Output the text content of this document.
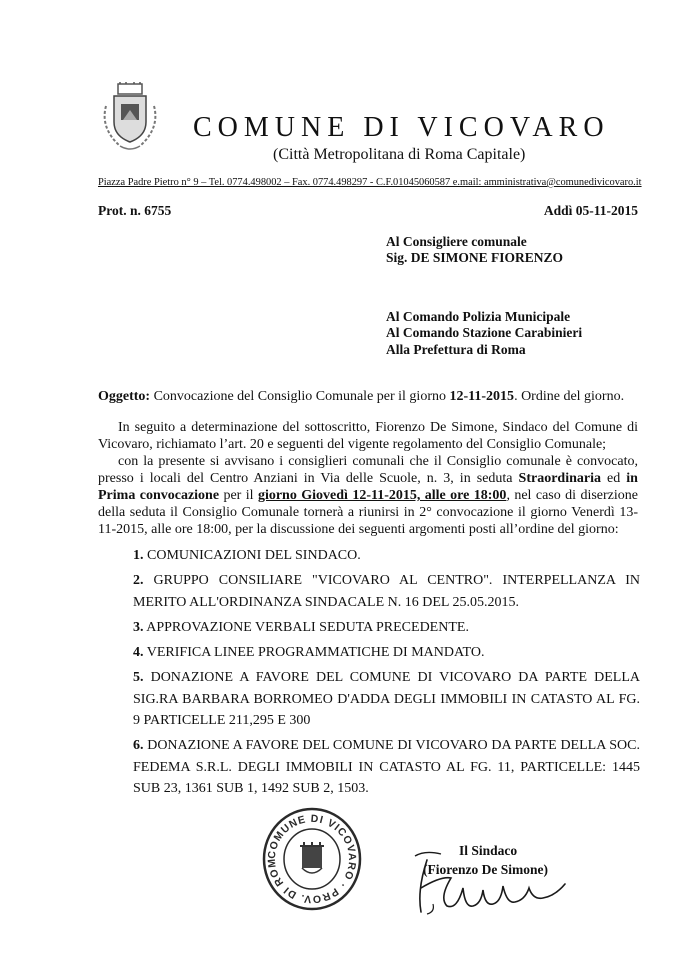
COMUNE DI VICOVARO
(Città Metropolitana di Roma Capitale)
Piazza Padre Pietro n° 9 – Tel. 0774.498002 – Fax. 0774.498297 - C.F.01045060587 e.mail: amministrativa@comunedivicovaro.it
Prot. n. 6755	Addì 05-11-2015
Al Consigliere comunale
Sig. DE SIMONE FIORENZO
Al Comando Polizia Municipale
Al Comando Stazione Carabinieri
Alla Prefettura di Roma
Oggetto: Convocazione del Consiglio Comunale per il giorno 12-11-2015. Ordine del giorno.

In seguito a determinazione del sottoscritto, Fiorenzo De Simone, Sindaco del Comune di Vicovaro, richiamato l’art. 20 e seguenti del vigente regolamento del Consiglio Comunale;

con la presente si avvisano i consiglieri comunali che il Consiglio comunale è convocato, presso i locali del Centro Anziani in Via delle Scuole, n. 3, in seduta Straordinaria ed in Prima convocazione per il giorno Giovedì 12-11-2015, alle ore 18:00, nel caso di diserzione della seduta il Consiglio Comunale tornerà a riunirsi in 2° convocazione il giorno Venerdì 13-11-2015, alle ore 18:00, per la discussione dei seguenti argomenti posti all’ordine del giorno:

1. COMUNICAZIONI DEL SINDACO.

2. GRUPPO CONSILIARE "VICOVARO AL CENTRO". INTERPELLANZA IN MERITO ALL'ORDINANZA SINDACALE N. 16 DEL 25.05.2015.

3. APPROVAZIONE VERBALI SEDUTA PRECEDENTE.

4. VERIFICA LINEE PROGRAMMATICHE DI MANDATO.

5. DONAZIONE A FAVORE DEL COMUNE DI VICOVARO DA PARTE DELLA SIG.RA BARBARA BORROMEO D'ADDA DEGLI IMMOBILI IN CATASTO AL FG. 9 PARTICELLE 211,295 E 300

6. DONAZIONE A FAVORE DEL COMUNE DI VICOVARO DA PARTE DELLA SOC. FEDEMA S.R.L. DEGLI IMMOBILI IN CATASTO AL FG. 11, PARTICELLE: 1445 SUB 23, 1361 SUB 1, 1492 SUB 2, 1503.

COMUNE DI VICOVARO · PROV. DI ROM
Il Sindaco
(Fiorenzo De Simone)
